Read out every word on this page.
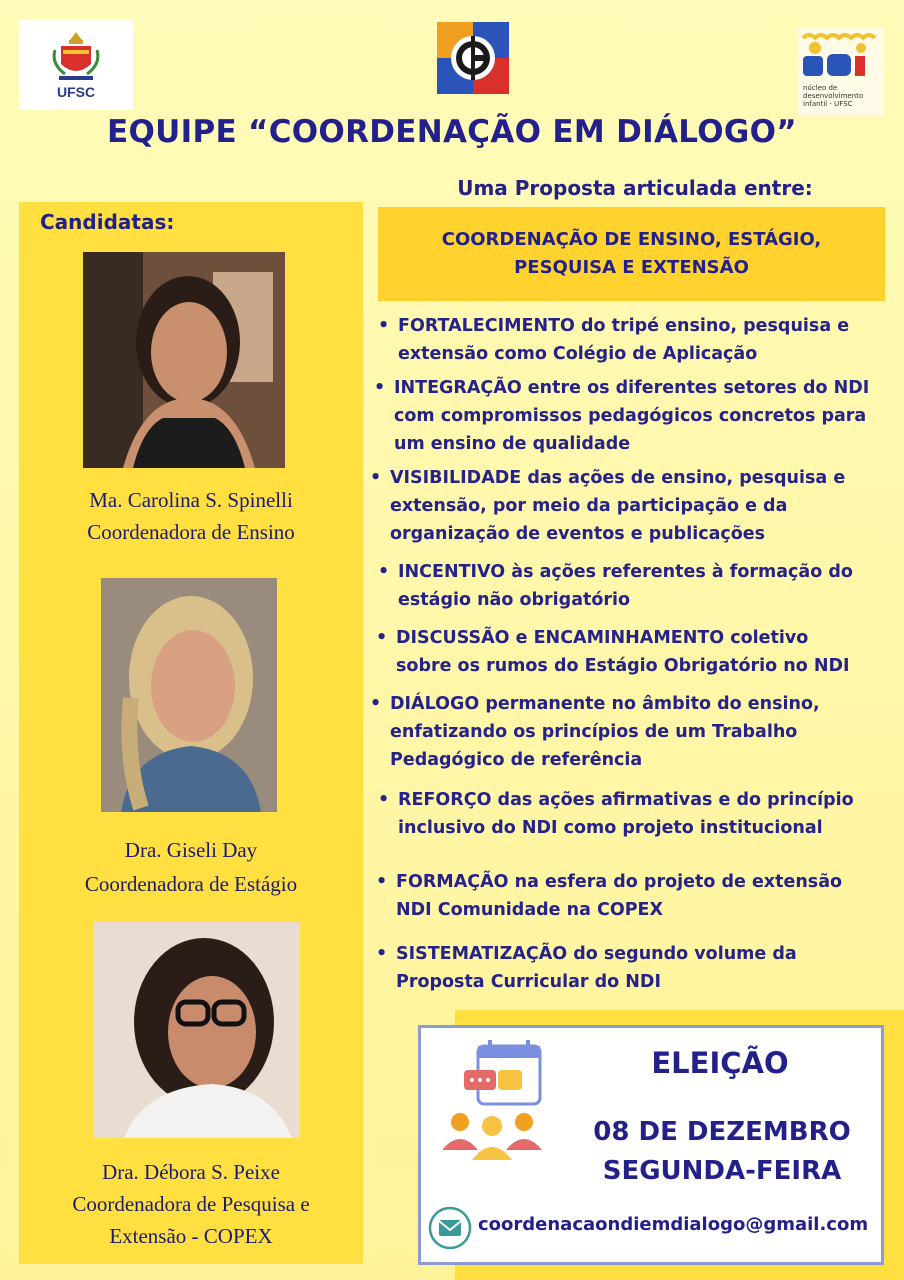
UFSC	núcleo de desenvolvimento infantil - UFSC
EQUIPE “COORDENAÇÃO EM DIÁLOGO”
Candidatas:
Ma. Carolina S. Spinelli
Coordenadora de Ensino
Dra. Giseli Day
Coordenadora de Estágio
Dra. Débora S. Peixe
Coordenadora de Pesquisa e
Extensão - COPEX
Uma Proposta articulada entre:
COORDENAÇÃO DE ENSINO, ESTÁGIO,
PESQUISA E EXTENSÃO
• FORTALECIMENTO do tripé ensino, pesquisa e
extensão como Colégio de Aplicação
• INTEGRAÇÃO entre os diferentes setores do NDI
com compromissos pedagógicos concretos para
um ensino de qualidade
• VISIBILIDADE das ações de ensino, pesquisa e
extensão, por meio da participação e da
organização de eventos e publicações
• INCENTIVO às ações referentes à formação do
estágio não obrigatório
• DISCUSSÃO e ENCAMINHAMENTO coletivo
sobre os rumos do Estágio Obrigatório no NDI
• DIÁLOGO permanente no âmbito do ensino,
enfatizando os princípios de um Trabalho
Pedagógico de referência
• REFORÇO das ações afirmativas e do princípio
inclusivo do NDI como projeto institucional
• FORMAÇÃO na esfera do projeto de extensão
NDI Comunidade na COPEX
• SISTEMATIZAÇÃO do segundo volume da
Proposta Curricular do NDI
ELEIÇÃO
08 DE DEZEMBRO
SEGUNDA-FEIRA
coordenacaondiemdialogo@gmail.com
